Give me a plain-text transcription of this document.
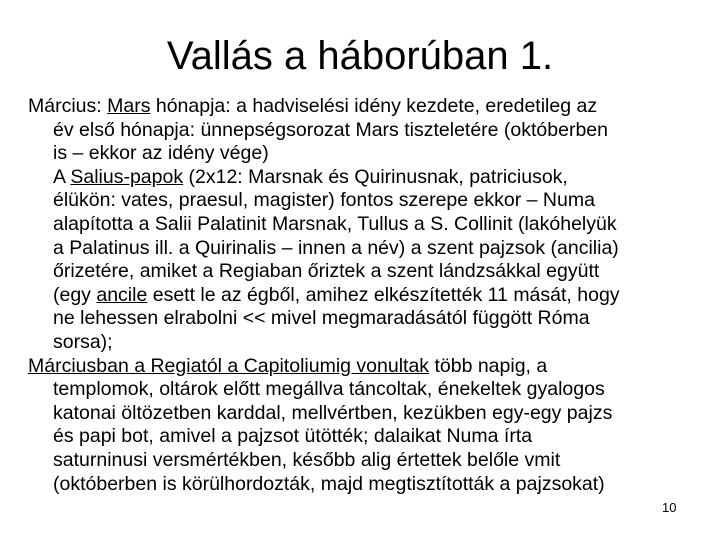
Vallás a háborúban 1.
Március: Mars hónapja: a hadviselési idény kezdete, eredetileg az
év első hónapja: ünnepségsorozat Mars tiszteletére (októberben
is – ekkor az idény vége)
A Salius-papok (2x12: Marsnak és Quirinusnak, patriciusok,
élükön: vates, praesul, magister) fontos szerepe ekkor – Numa
alapította a Salii Palatinit Marsnak, Tullus a S. Collinit (lakóhelyük
a Palatinus ill. a Quirinalis – innen a név) a szent pajzsok (ancilia)
őrizetére, amiket a Regiaban őriztek a szent lándzsákkal együtt
(egy ancile esett le az égből, amihez elkészítették 11 mását, hogy
ne lehessen elrabolni << mivel megmaradásától függött Róma
sorsa);
Márciusban a Regiatól a Capitoliumig vonultak több napig, a
templomok, oltárok előtt megállva táncoltak, énekeltek gyalogos
katonai öltözetben karddal, mellvértben, kezükben egy-egy pajzs
és papi bot, amivel a pajzsot ütötték; dalaikat Numa írta
saturninusi versmértékben, később alig értettek belőle vmit
(októberben is körülhordozták, majd megtisztították a pajzsokat)
10
